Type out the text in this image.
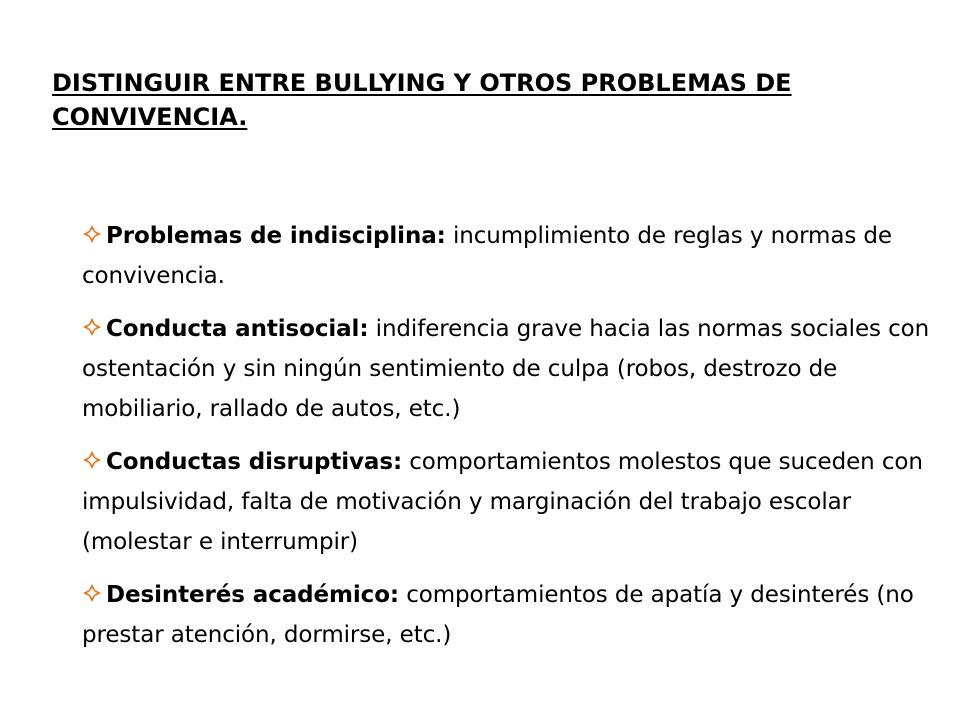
DISTINGUIR ENTRE BULLYING Y OTROS PROBLEMAS DE CONVIVENCIA.
Problemas de indisciplina: incumplimiento de reglas y normas de convivencia.
Conducta antisocial: indiferencia grave hacia las normas sociales con ostentación y sin ningún sentimiento de culpa (robos, destrozo de mobiliario, rallado de autos, etc.)
Conductas disruptivas: comportamientos molestos que suceden con impulsividad, falta de motivación y marginación del trabajo escolar (molestar e interrumpir)
Desinterés académico: comportamientos de apatía y desinterés (no prestar atención, dormirse, etc.)
